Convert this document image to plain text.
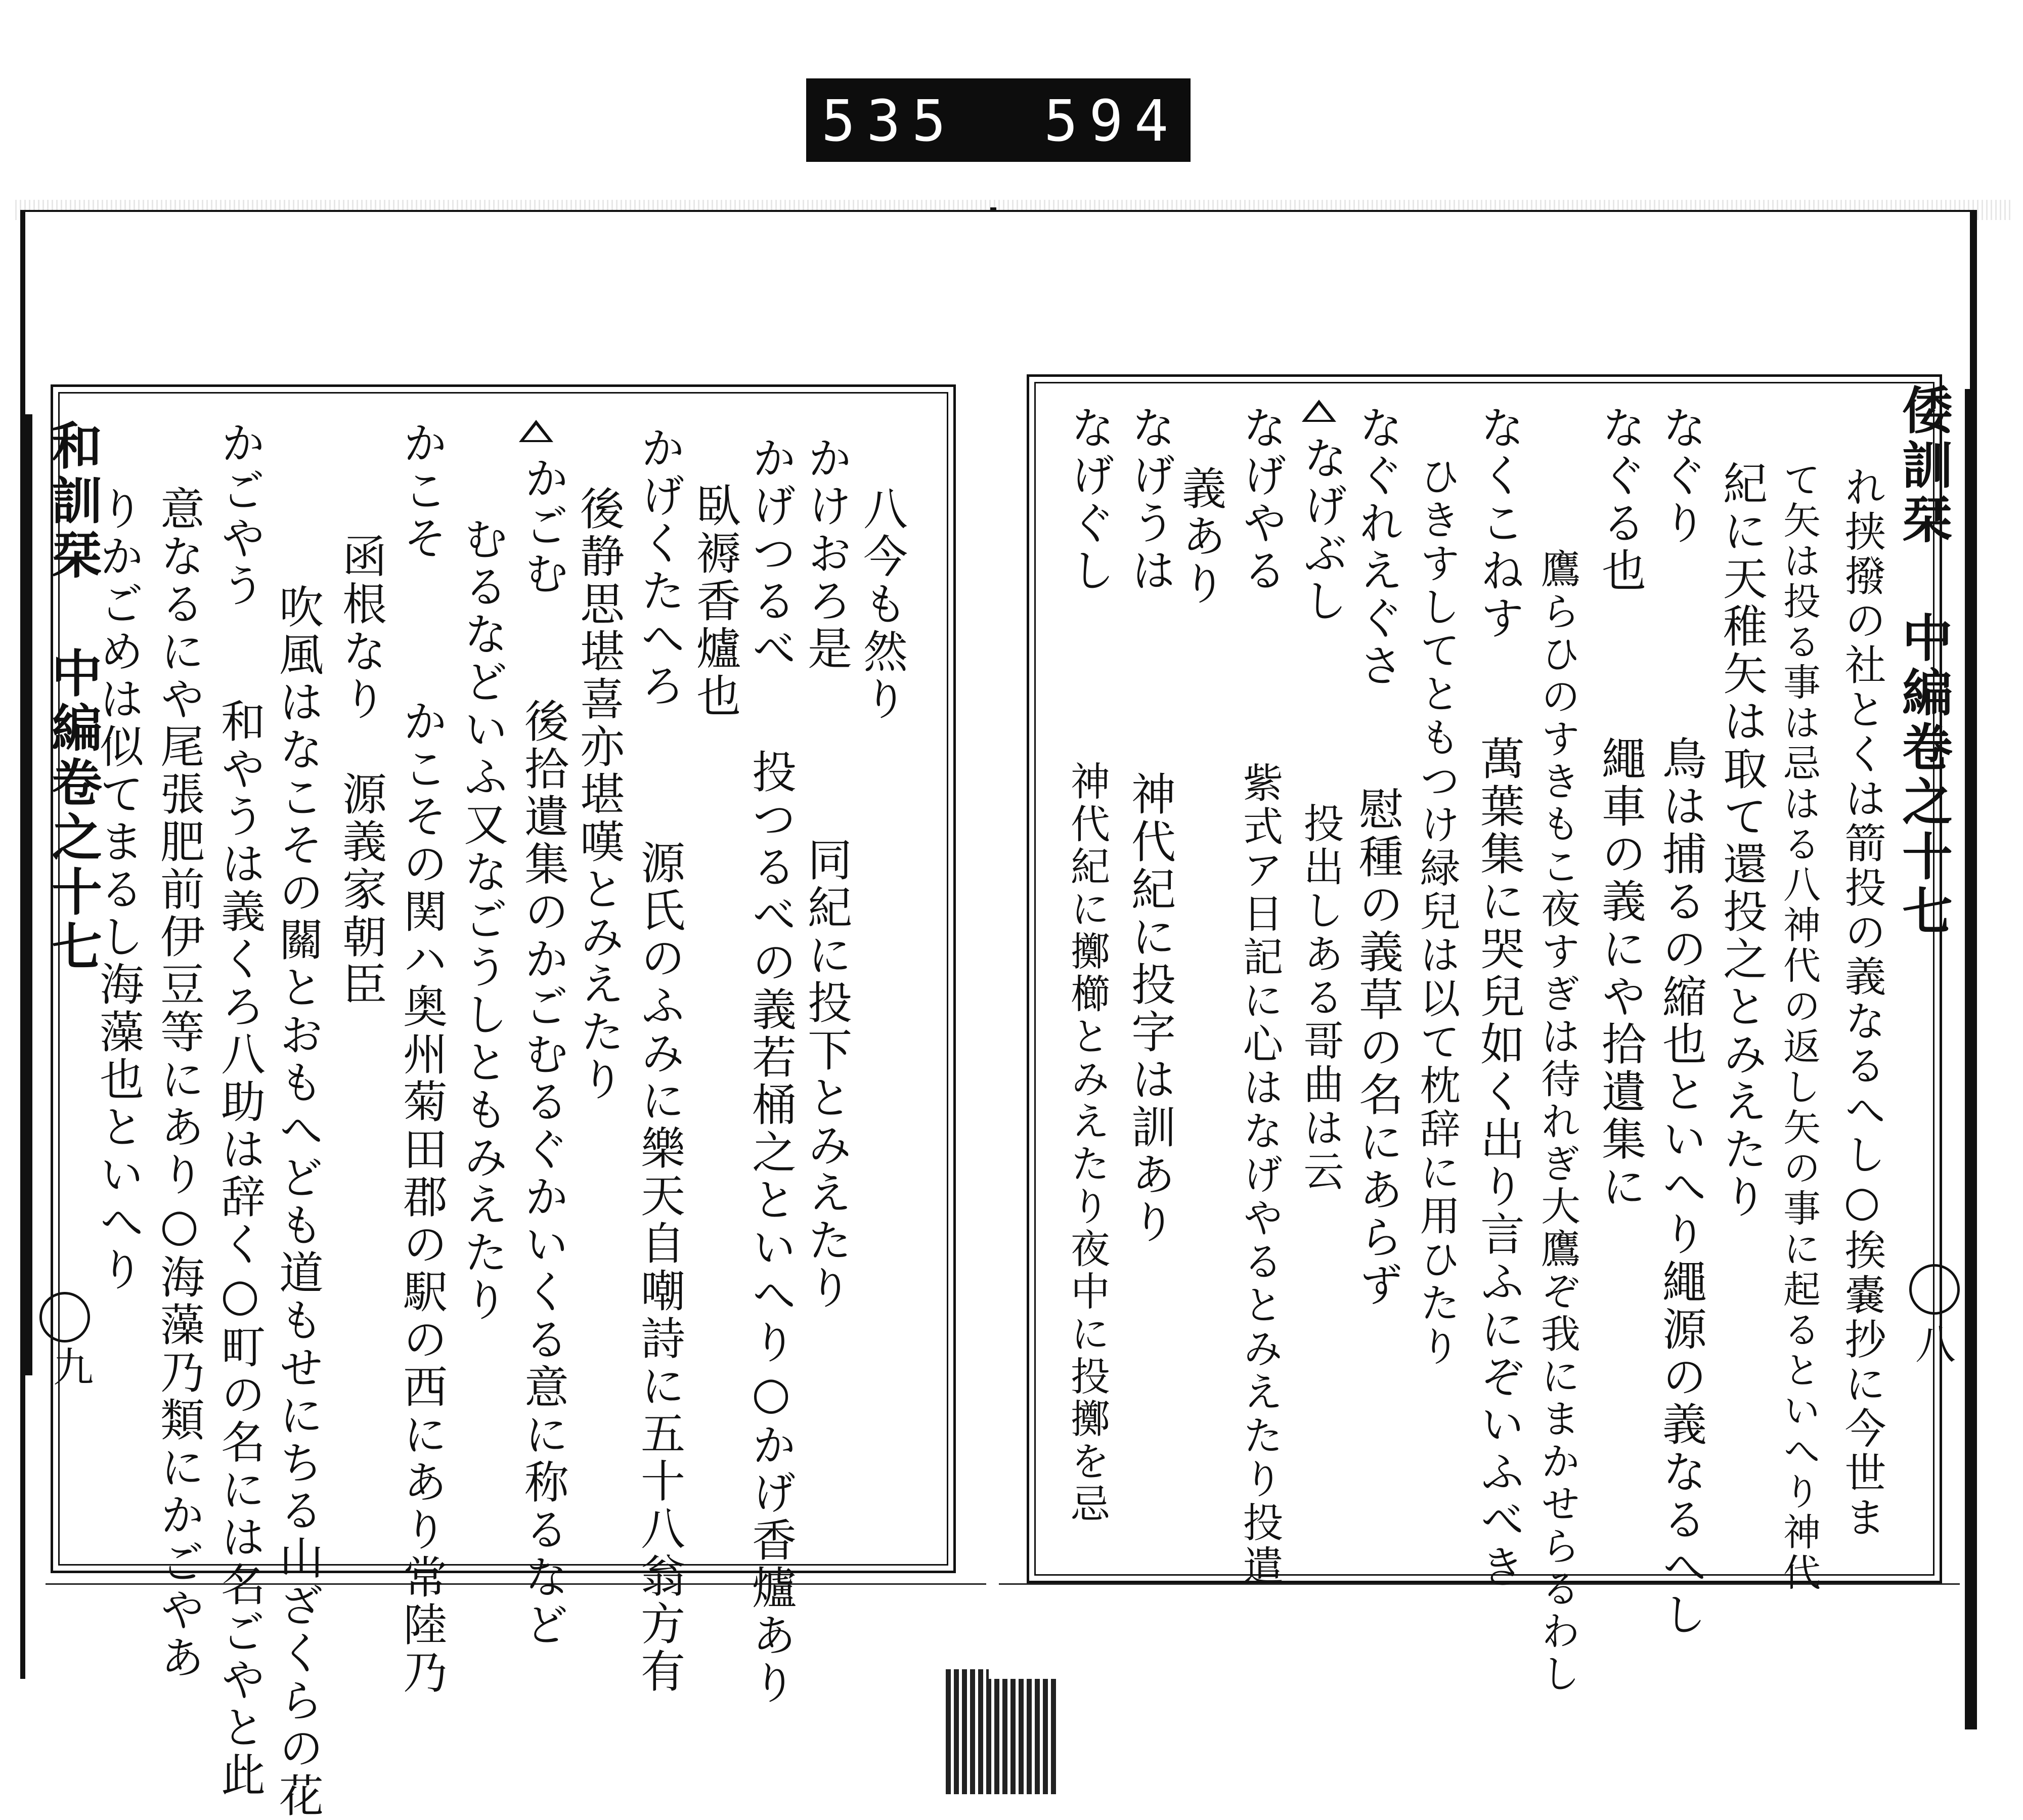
535 594
和訓栞 中編卷之十七
九
八今も然り
かけおろ是
かげつるべ
　同紀に投下とみえたり
投つるべの義若桶之といへり○かげ香爐あり
　臥褥香爐也
かげくたへろ
源氏のふみに樂天自嘲詩に五十八翁方有
後静思堪喜亦堪嘆とみえたり
かごむ
後拾遺集のかごむるぐかいくる意に称るなど
むるなどいふ又なごうしともみえたり
かこそ
かこその関ハ奥州菊田郡の駅の西にあり常陸乃
　函根なり　源義家朝臣
　吹風はなこその關とおもへども道もせにちる山ざくらの花
かごやう
和やうは義くろ八助は辞く○町の名には名ごやと此
意なるにや尾張肥前伊豆等にあり○海藻乃類にかごやあ
りかごめは似てまるし海藻也といへり	倭訓栞 中編卷之十七
八
れ挟撥の社とくは箭投の義なるへし○挨嚢抄に今世ま
て矢は投る事は忌はる八神代の返し矢の事に起るといへり神代
紀に天稚矢は取て還投之とみえたり
なぐり
なぐる也
　鳥は捕るの縮也といへり繩源の義なるへし
　繩車の義にや拾遺集に
　鷹らひのすきもこ夜すぎは待れぎ大鷹ぞ我にまかせらるわし
なくこねす
　萬葉集に哭兒如く出り言ふにぞいふべき
ひきすしてともつけ緑兒は以て枕辞に用ひたり
なぐれえぐさ
　慰種の義草の名にあらず
なげぶし
　投出しある哥曲は云
なげやる
　紫式ア日記に心はなげやるとみえたり投遣
義あり
なげうは
　神代紀に投字は訓あり
なげぐし
　神代紀に擲櫛とみえたり夜中に投擲を忌
